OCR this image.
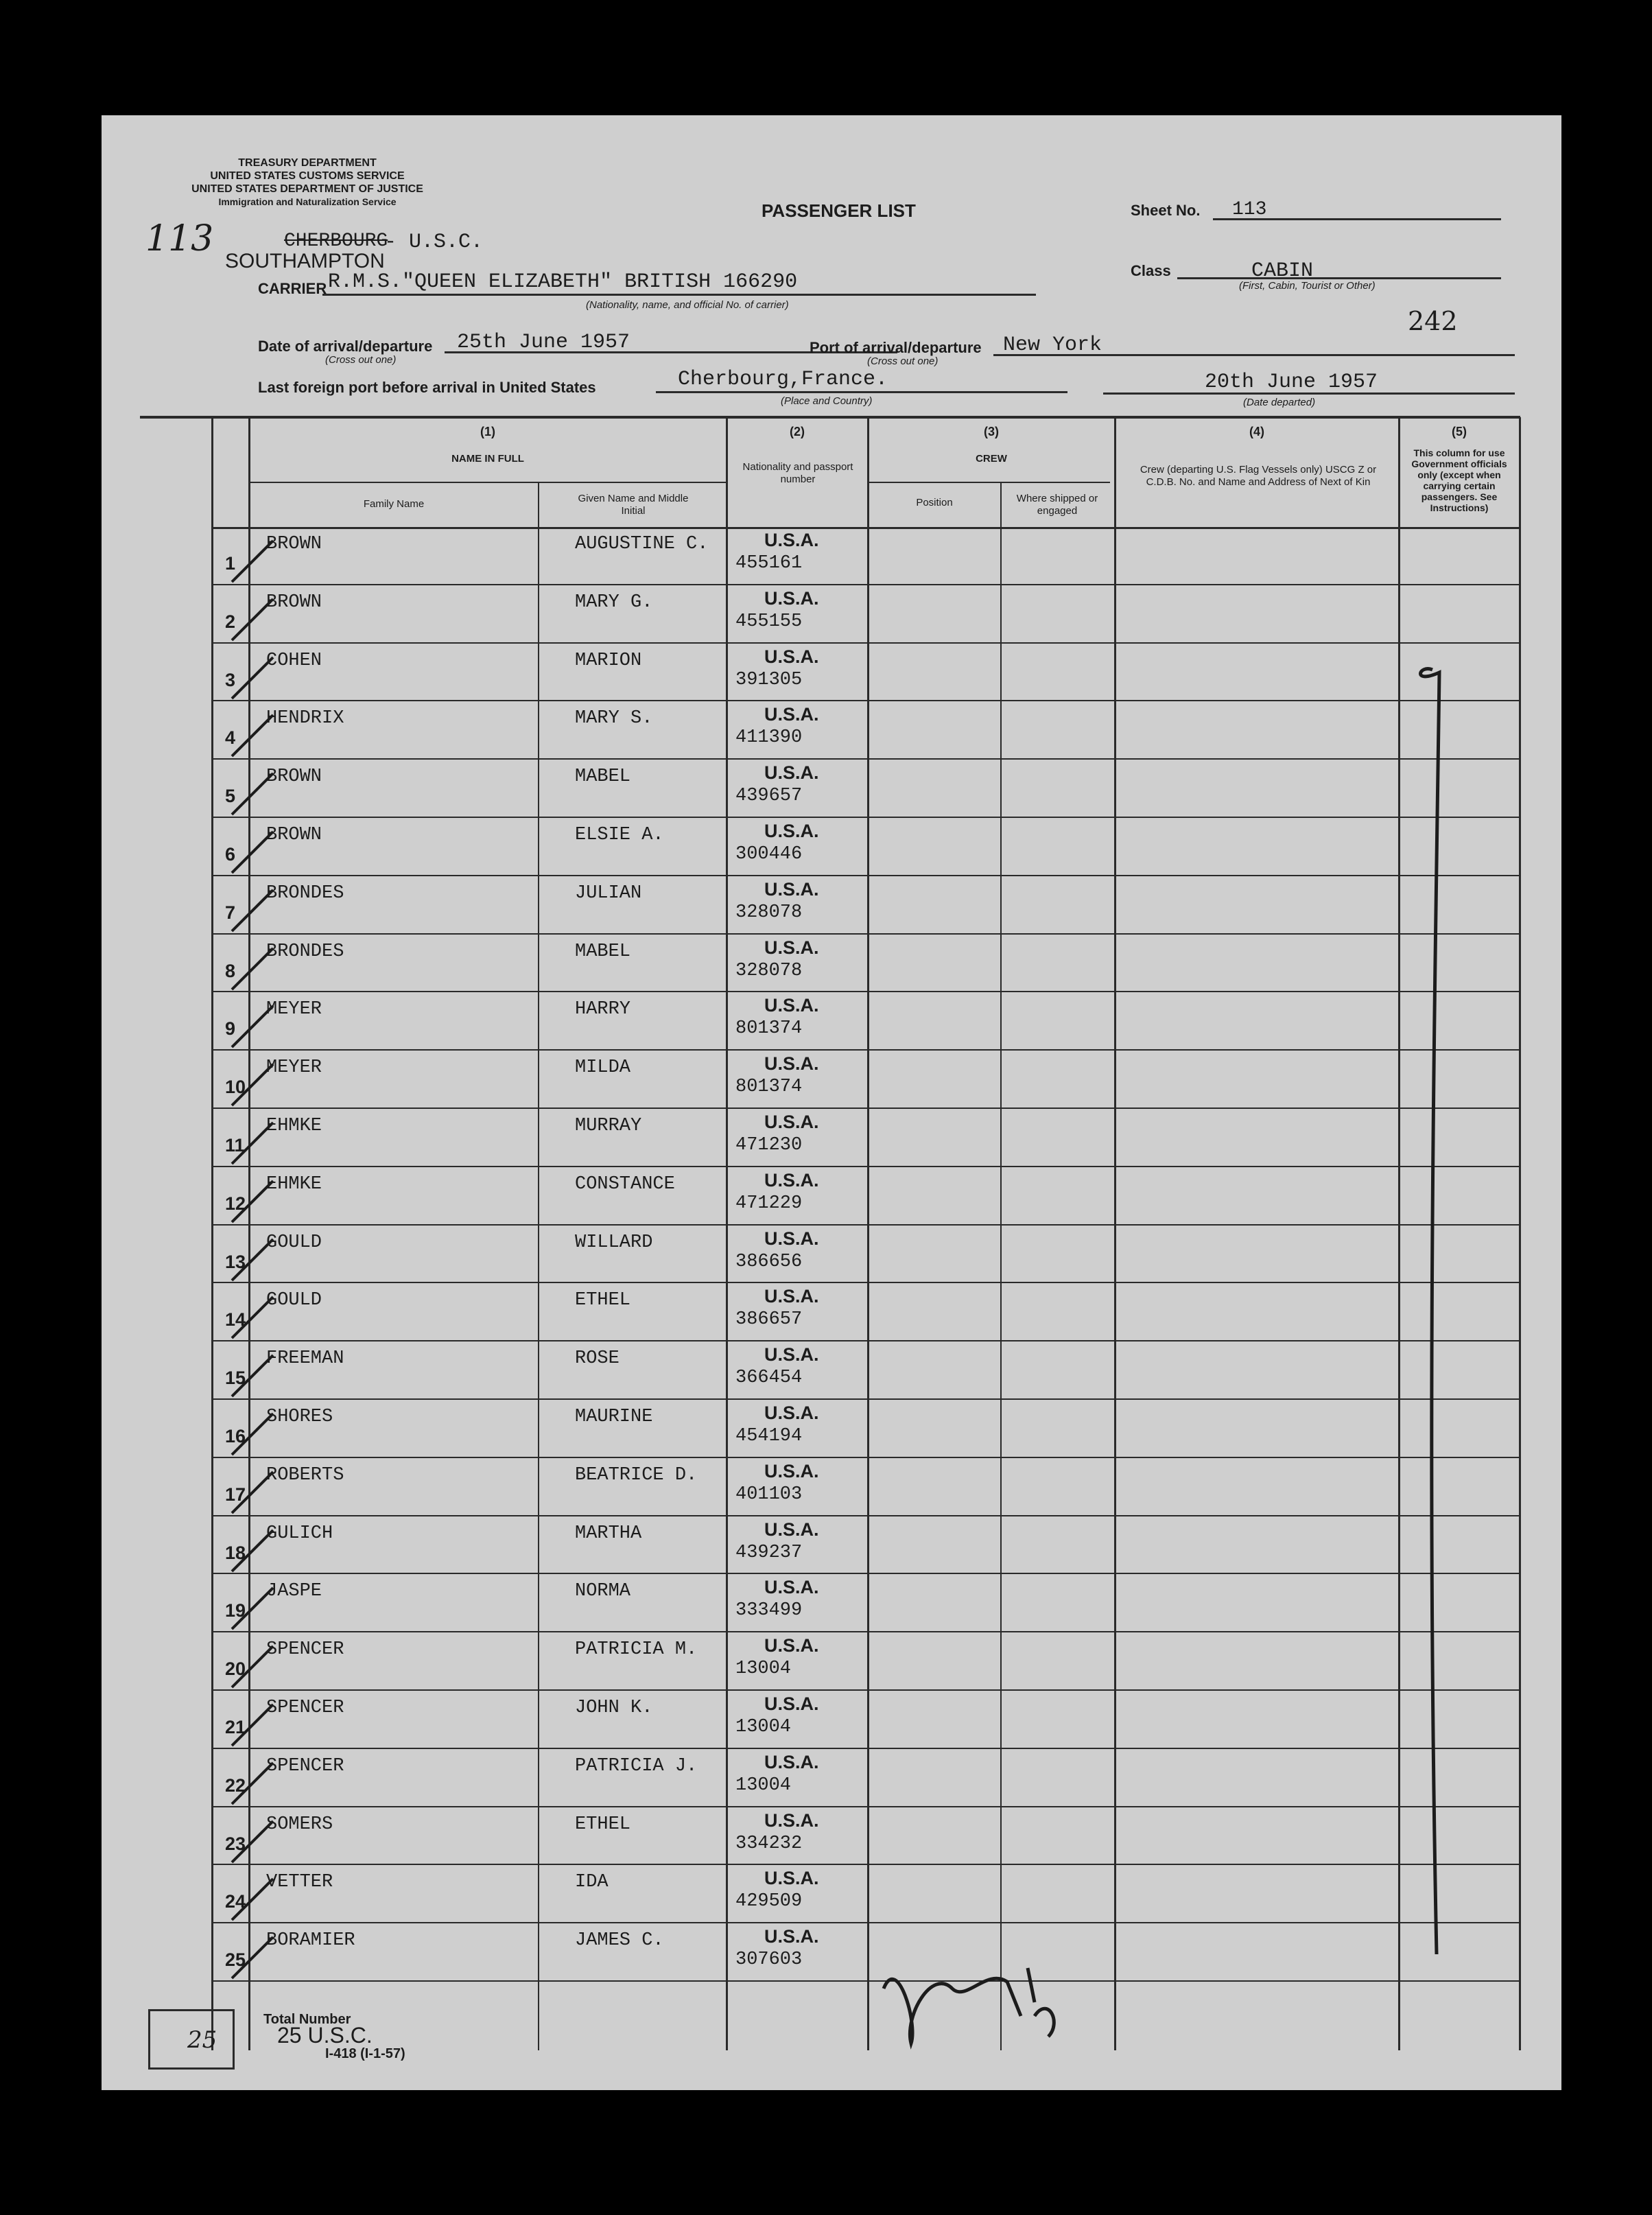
TREASURY DEPARTMENT
UNITED STATES CUSTOMS SERVICE
UNITED STATES DEPARTMENT OF JUSTICE
Immigration and Naturalization Service
113
PASSENGER LIST	Sheet No. 113
CHERBOURG
- U.S.C.
SOUTHAMPTON
CARRIER R.M.S."QUEEN ELIZABETH" BRITISH 166290
(Nationality, name, and official No. of carrier)
Class	CABIN
(First, Cabin, Tourist or Other)
242
Date of arrival/departure
(Cross out one)
25th June 1957	Port of arrival/departure
(Cross out one)
New York
Last foreign port before arrival in United States	Cherbourg,France.
(Place and Country)
20th June 1957
(Date departed)
(1)
NAME IN FULL
Family Name	Given Name and Middle Initial
(2)
Nationality and passport number
(3)
CREW
Position	Where shipped or engaged
(4)
Crew (departing U.S. Flag Vessels only) USCG Z or C.D.B. No. and Name and Address of Next of Kin
(5)
This column for use Government officials only (except when carrying certain passengers. See Instructions)
1
BROWN	AUGUSTINE C.	U.S.A.
455161
2
BROWN	MARY G.	U.S.A.
455155
3
COHEN	MARION	U.S.A.
391305
4
HENDRIX	MARY S.	U.S.A.
411390
5
BROWN	MABEL	U.S.A.
439657
6
BROWN	ELSIE A.	U.S.A.
300446
7
BRONDES	JULIAN	U.S.A.
328078
8
BRONDES	MABEL	U.S.A.
328078
9
MEYER	HARRY	U.S.A.
801374
10
MEYER	MILDA	U.S.A.
801374
11
EHMKE	MURRAY	U.S.A.
471230
12
EHMKE	CONSTANCE	U.S.A.
471229
13
GOULD	WILLARD	U.S.A.
386656
14
GOULD	ETHEL	U.S.A.
386657
15
FREEMAN	ROSE	U.S.A.
366454
16
SHORES	MAURINE	U.S.A.
454194
17
ROBERTS	BEATRICE D.	U.S.A.
401103
18
GULICH	MARTHA	U.S.A.
439237
19
JASPE	NORMA	U.S.A.
333499
20
SPENCER	PATRICIA M.	U.S.A.
13004
21
SPENCER	JOHN K.	U.S.A.
13004
22
SPENCER	PATRICIA J.	U.S.A.
13004
23
SOMERS	ETHEL	U.S.A.
334232
24
VETTER	IDA	U.S.A.
429509
25
BORAMIER	JAMES C.	U.S.A.
307603
25
Total Number
25 U.S.C.
I-418 (I-1-57)
